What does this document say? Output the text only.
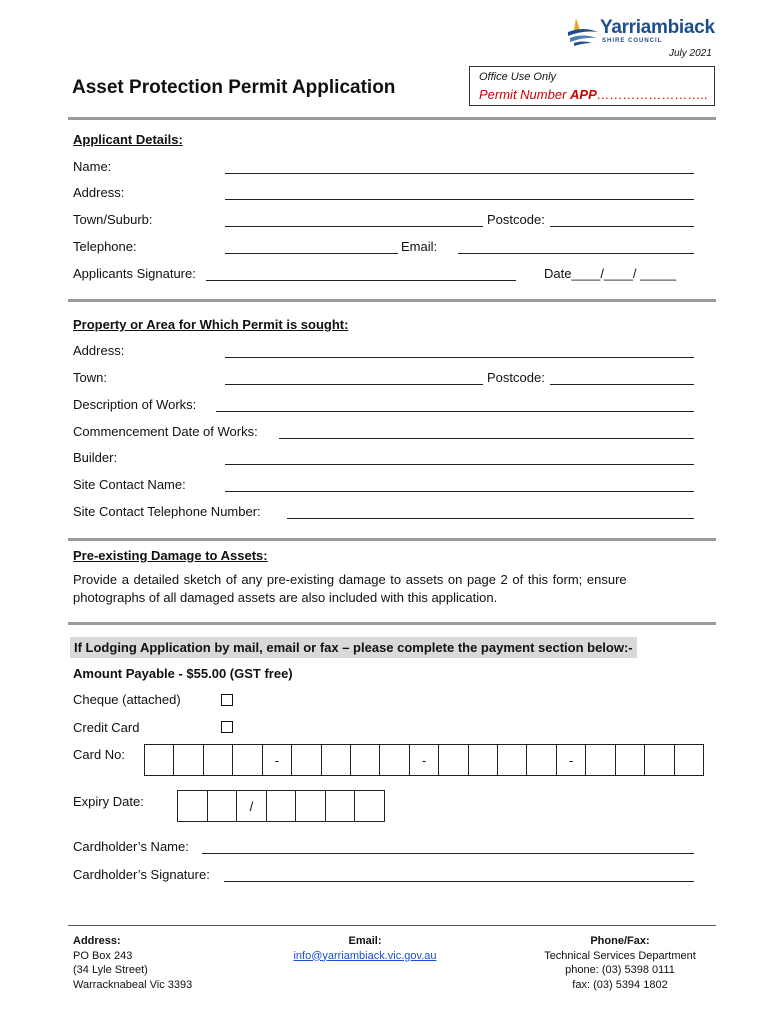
Yarriambiack
SHIRE COUNCIL
July 2021
Asset Protection Permit Application	Office Use Only
Permit Number APP……………………..
Applicant Details:
Name:
Address:
Town/Suburb:	Postcode:
Telephone:	Email:
Applicants Signature:	Date____/____/ _____
Property or Area for Which Permit is sought:
Address:
Town:	Postcode:
Description of Works:
Commencement Date of Works:
Builder:
Site Contact Name:
Site Contact Telephone Number:
Pre-existing Damage to Assets:
Provide a detailed sketch of any pre-existing damage to assets on page 2 of this form; ensure
photographs of all damaged assets are also included with this application.
If Lodging Application by mail, email or fax – please complete the payment section below:-
Amount Payable - $55.00 (GST free)
Cheque (attached)
Credit Card
Card No:	-	-	-
Expiry Date:	/
Cardholder’s Name:
Cardholder’s Signature:
Address:
PO Box 243
(34 Lyle Street)
Warracknabeal Vic 3393
Email:
info@yarriambiack.vic.gov.au
Phone/Fax:
Technical Services Department
phone: (03) 5398 0111
fax: (03) 5394 1802
